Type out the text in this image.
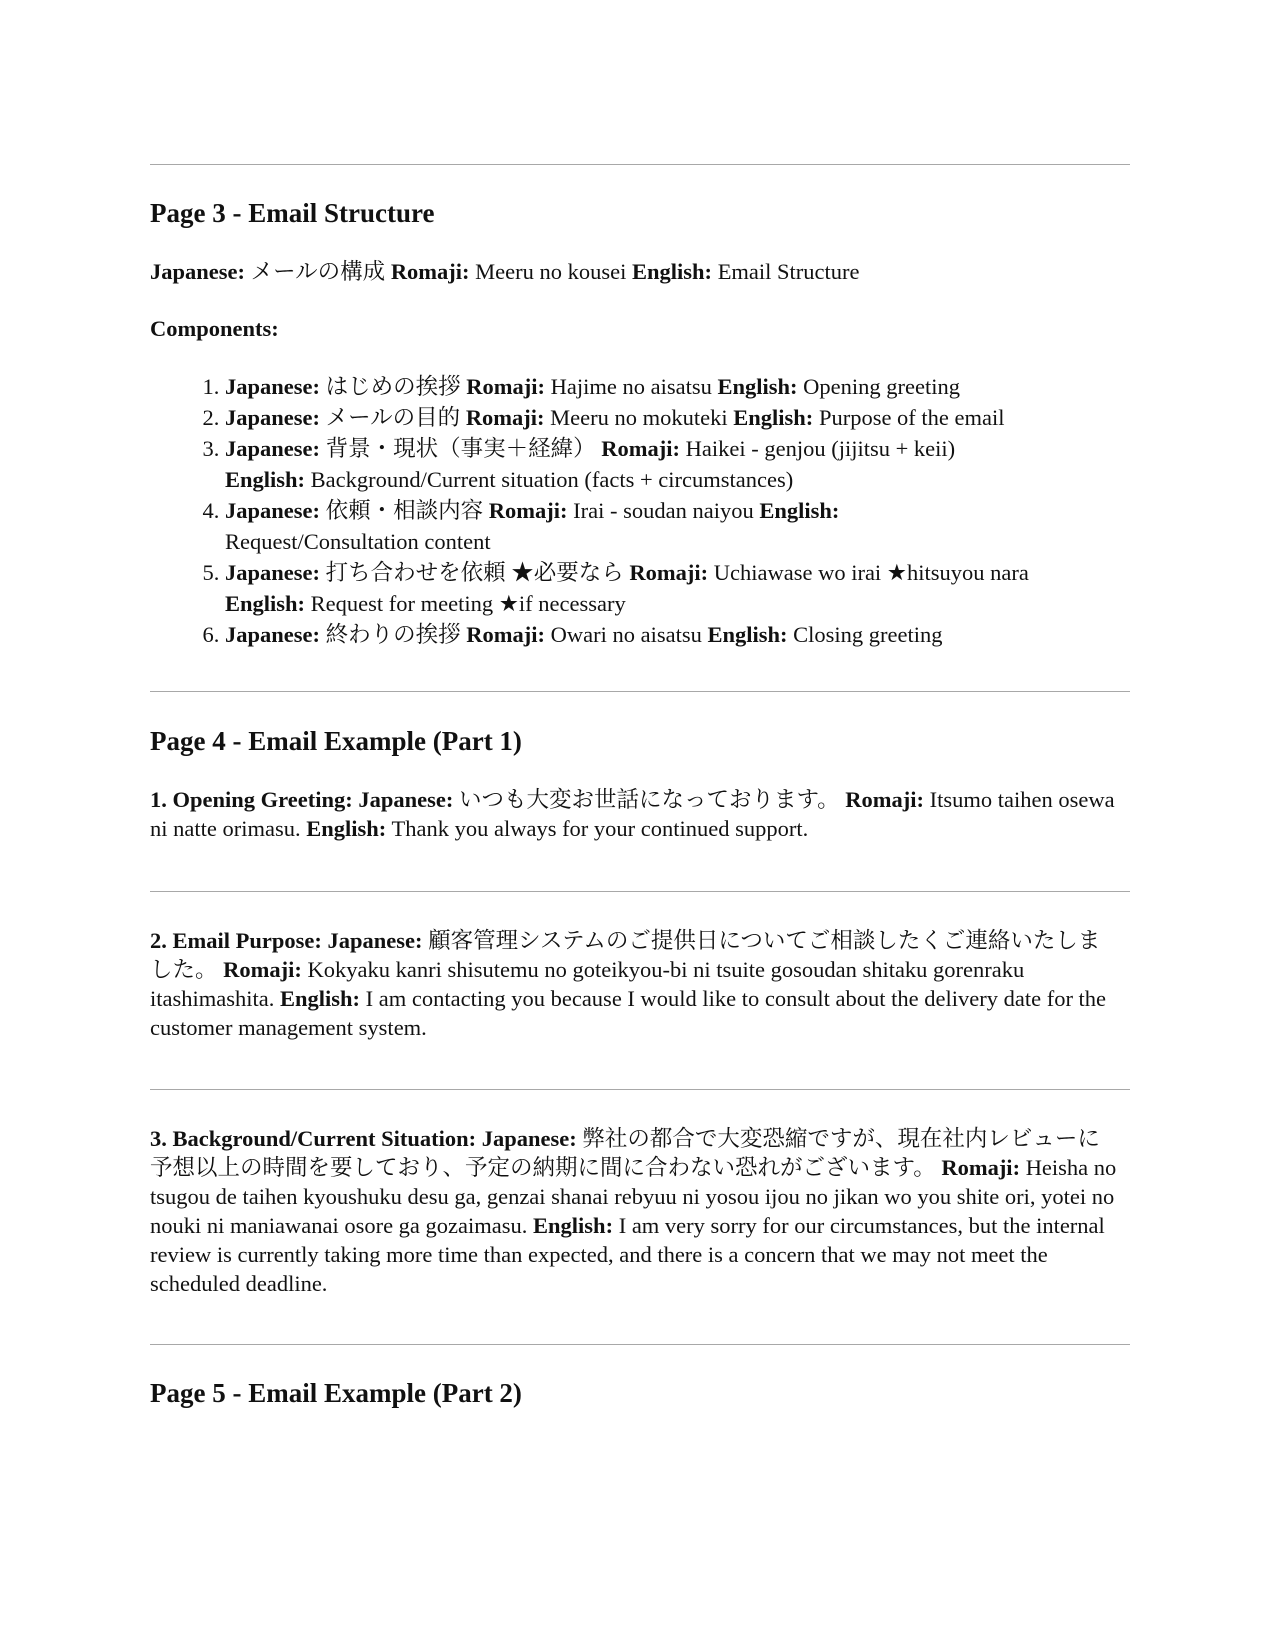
Page 3 - Email Structure

Japanese: メールの構成 Romaji: Meeru no kousei English: Email Structure

Components:

1. Japanese: はじめの挨拶 Romaji: Hajime no aisatsu English: Opening greeting
2. Japanese: メールの目的 Romaji: Meeru no mokuteki English: Purpose of the email
3. Japanese: 背景・現状（事実＋経緯） Romaji: Haikei - genjou (jijitsu + keii)
English: Background/Current situation (facts + circumstances)
4. Japanese: 依頼・相談内容 Romaji: Irai - soudan naiyou English:
Request/Consultation content
5. Japanese: 打ち合わせを依頼 ★必要なら Romaji: Uchiawase wo irai ★hitsuyou nara
English: Request for meeting ★if necessary
6. Japanese: 終わりの挨拶 Romaji: Owari no aisatsu English: Closing greeting
Page 4 - Email Example (Part 1)

1. Opening Greeting: Japanese: いつも大変お世話になっております。 Romaji: Itsumo taihen osewa ni natte orimasu. English: Thank you always for your continued support.

2. Email Purpose: Japanese: 顧客管理システムのご提供日についてご相談したくご連絡いたしました。 Romaji: Kokyaku kanri shisutemu no goteikyou-bi ni tsuite gosoudan shitaku gorenraku itashimashita. English: I am contacting you because I would like to consult about the delivery date for the customer management system.

3. Background/Current Situation: Japanese: 弊社の都合で大変恐縮ですが、現在社内レビューに予想以上の時間を要しており、予定の納期に間に合わない恐れがございます。 Romaji: Heisha no tsugou de taihen kyoushuku desu ga, genzai shanai rebyuu ni yosou ijou no jikan wo you shite ori, yotei no nouki ni maniawanai osore ga gozaimasu. English: I am very sorry for our circumstances, but the internal review is currently taking more time than expected, and there is a concern that we may not meet the scheduled deadline.

Page 5 - Email Example (Part 2)
